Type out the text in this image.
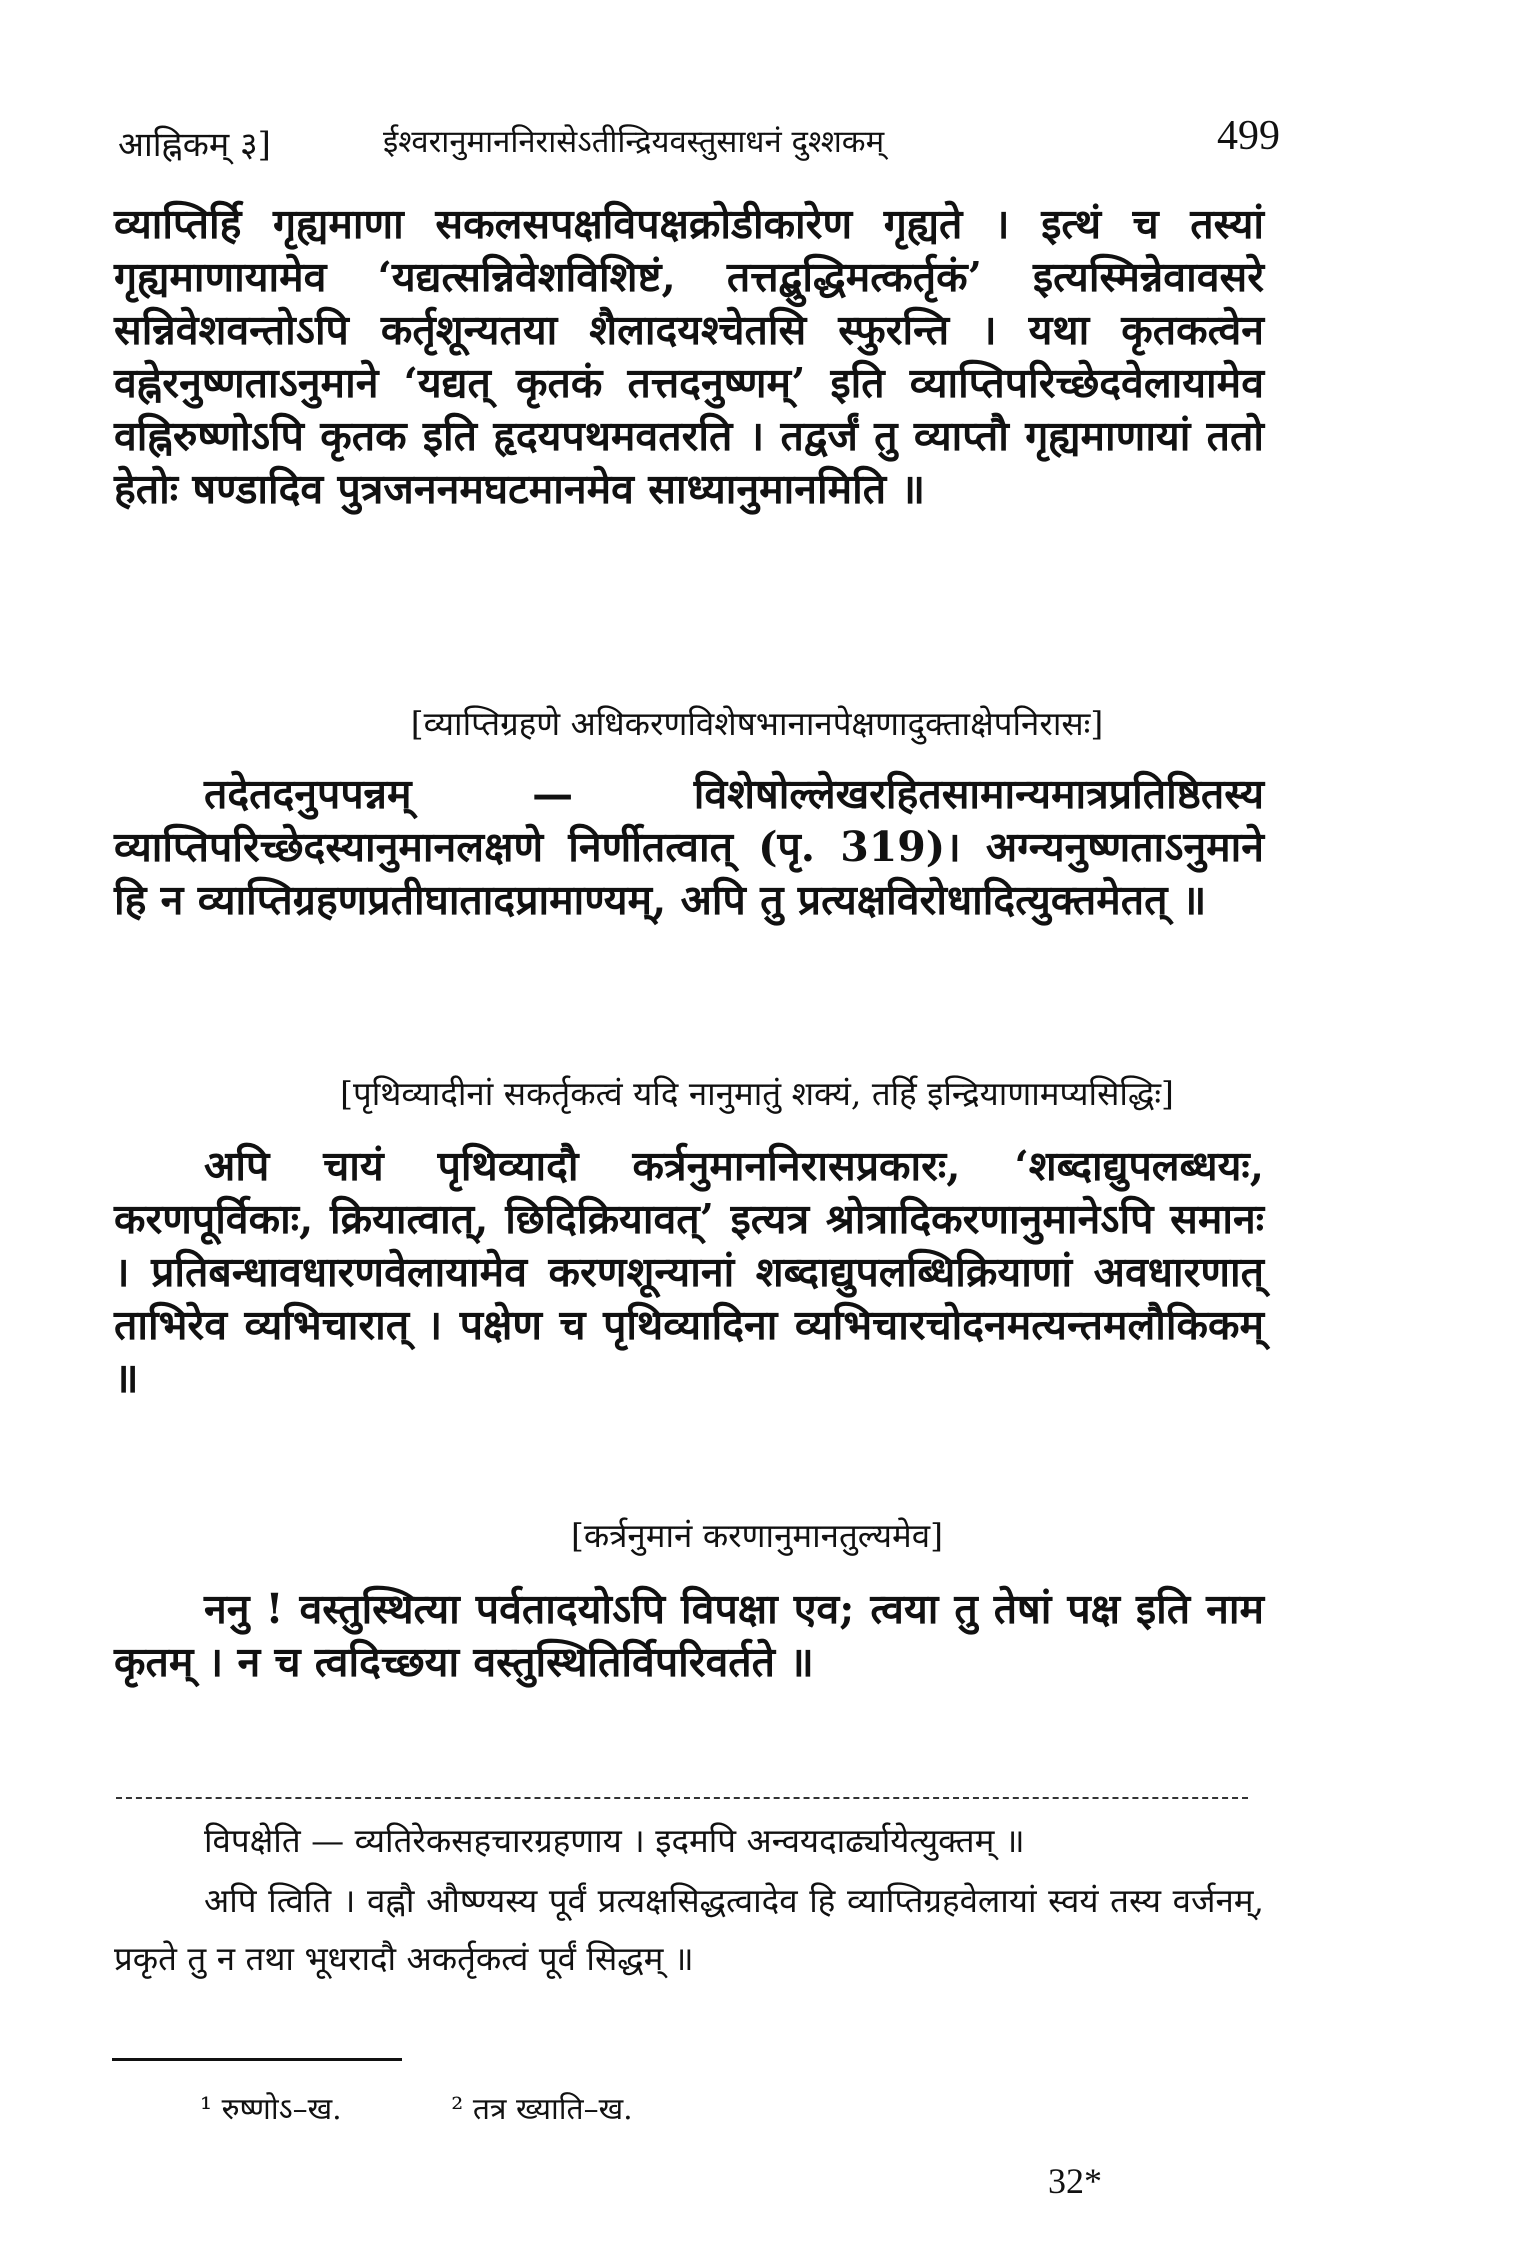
आह्निकम् ३]	ईश्वरानुमाननिरासेऽतीन्द्रियवस्तुसाधनं दुश्शकम्	499

व्याप्तिर्हि गृह्यमाणा सकलसपक्षविपक्षक्रोडीकारेण गृह्यते । इत्थं च तस्यां गृह्यमाणायामेव ‘यद्यत्सन्निवेशविशिष्टं, तत्तद्बुद्धिमत्कर्तृकं’ इत्यस्मिन्नेवावसरे सन्निवेशवन्तोऽपि कर्तृशून्यतया शैलादयश्चेतसि स्फुरन्ति । यथा कृतकत्वेन वह्नेरनुष्णताऽनुमाने ‘यद्यत् कृतकं तत्तदनुष्णम्’ इति व्याप्तिपरिच्छेदवेलायामेव वह्निरुष्णोऽपि कृतक इति हृदयपथमवतरति । तद्वर्जं तु व्याप्तौ गृह्यमाणायां ततो हेतोः षण्डादिव पुत्रजननमघटमानमेव साध्यानुमानमिति ॥

[व्याप्तिग्रहणे अधिकरणविशेषभानानपेक्षणादुक्ताक्षेपनिरासः]

तदेतदनुपपन्नम् — विशेषोल्लेखरहितसामान्यमात्रप्रतिष्ठितस्य व्याप्तिपरिच्छेदस्यानुमानलक्षणे निर्णीतत्वात् (पृ. 319)। अग्न्यनुष्णताऽनुमाने हि न व्याप्तिग्रहणप्रतीघातादप्रामाण्यम्, अपि तु प्रत्यक्षविरोधादित्युक्तमेतत् ॥

[पृथिव्यादीनां सकर्तृकत्वं यदि नानुमातुं शक्यं, तर्हि इन्द्रियाणामप्यसिद्धिः]

अपि चायं पृथिव्यादौ कर्त्रनुमाननिरासप्रकारः, ‘शब्दाद्युपलब्धयः, करणपूर्विकाः, क्रियात्वात्, छिदिक्रियावत्’ इत्यत्र श्रोत्रादिकरणानुमानेऽपि समानः । प्रतिबन्धावधारणवेलायामेव करणशून्यानां शब्दाद्युपलब्धिक्रियाणां अवधारणात् ताभिरेव व्यभिचारात् । पक्षेण च पृथिव्यादिना व्यभिचारचोदनमत्यन्तमलौकिकम् ॥

[कर्त्रनुमानं करणानुमानतुल्यमेव]

ननु ! वस्तुस्थित्या पर्वतादयोऽपि विपक्षा एव; त्वया तु तेषां पक्ष इति नाम कृतम् । न च त्वदिच्छया वस्तुस्थितिर्विपरिवर्तते ॥

विपक्षेति — व्यतिरेकसहचारग्रहणाय । इदमपि अन्वयदार्ढ्यायेत्युक्तम् ॥

अपि त्विति । वह्नौ औष्ण्यस्य पूर्वं प्रत्यक्षसिद्धत्वादेव हि व्याप्तिग्रहवेलायां स्वयं तस्य वर्जनम्, प्रकृते तु न तथा भूधरादौ अकर्तृकत्वं पूर्वं सिद्धम् ॥

¹ रुष्णोऽ–ख.	² तत्र ख्याति–ख.
32*
